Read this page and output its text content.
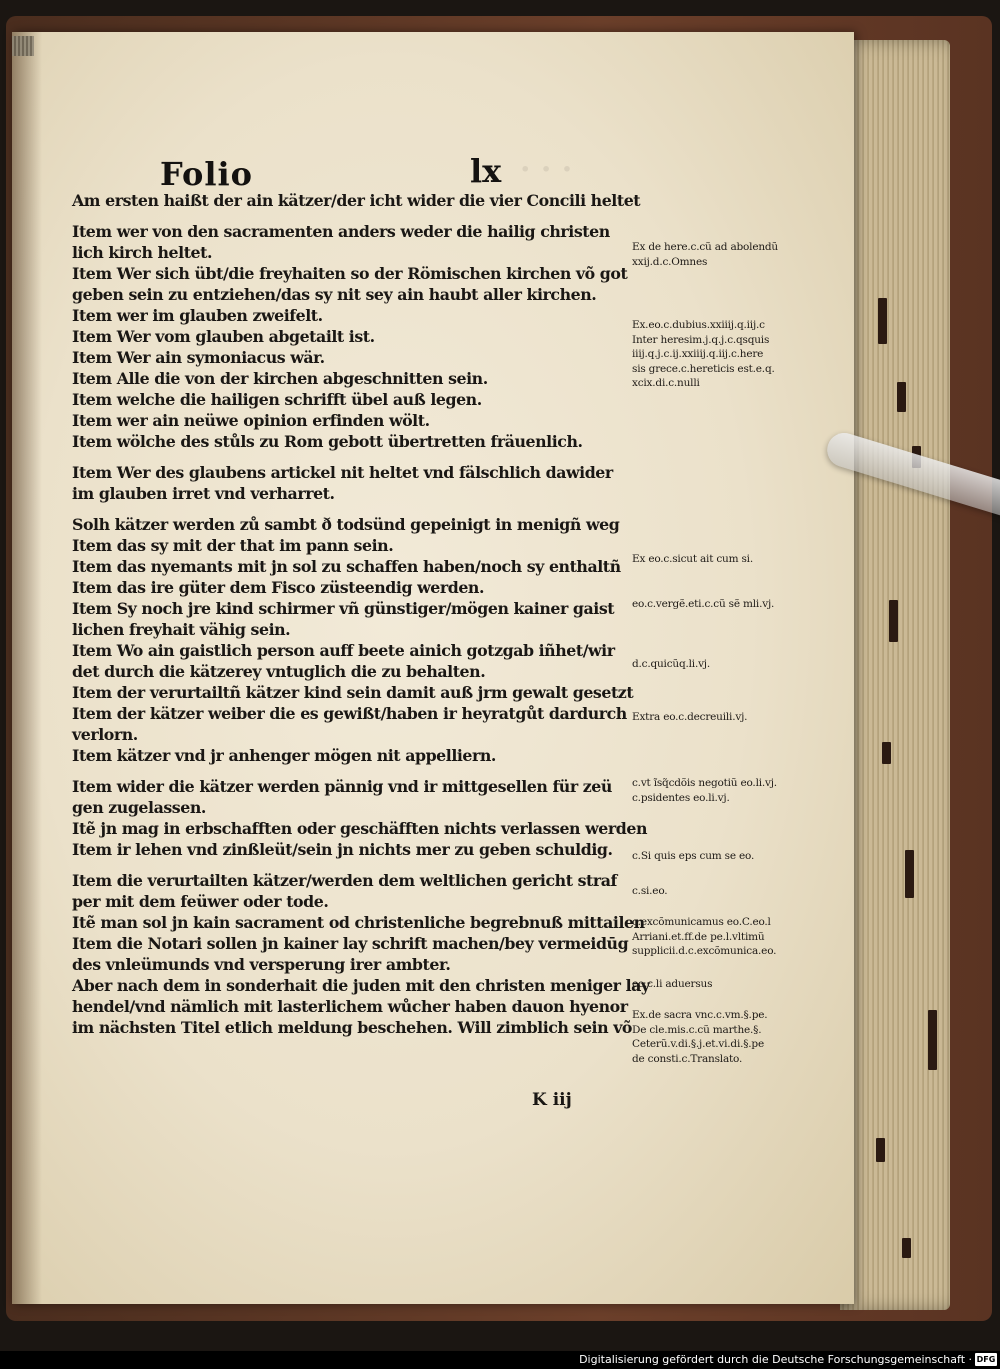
· · ·
Folio	lx
Am ersten haißt der ain kätzer/der icht wider die vier Concili heltet
Item wer von den sacramenten anders weder die hailig christen
lich kirch heltet.
Item Wer sich übt/die freyhaiten so der Römischen kirchen võ got
geben sein zu entziehen/das sy nit sey ain haubt aller kirchen.
Item wer im glauben zweifelt.
Item Wer vom glauben abgetailt ist.
Item Wer ain symoniacus wär.
Item Alle die von der kirchen abgeschnitten sein.
Item welche die hailigen schrifft übel auß legen.
Item wer ain neüwe opinion erfinden wölt.
Item wölche des stůls zu Rom gebott übertretten fräuenlich.
Item Wer des glaubens artickel nit heltet vnd fälschlich dawider
im glauben irret vnd verharret.
Solh kätzer werden zů sambt ð todsünd gepeinigt in menigñ weg
Item das sy mit der that im pann sein.
Item das nyemants mit jn sol zu schaffen haben/noch sy enthaltñ
Item das ire güter dem Fisco züsteendig werden.
Item Sy noch jre kind schirmer vñ günstiger/mögen kainer gaist
lichen freyhait vähig sein.
Item Wo ain gaistlich person auff beete ainich gotzgab iñhet/wir
det durch die kätzerey vntuglich die zu behalten.
Item der verurtailtñ kätzer kind sein damit auß jrm gewalt gesetzt
Item der kätzer weiber die es gewißt/haben ir heyratgůt dardurch
verlorn.
Item kätzer vnd jr anhenger mögen nit appelliern.
Item wider die kätzer werden pännig vnd ir mittgesellen für zeü
gen zugelassen.
Itẽ jn mag in erbschafften oder geschäfften nichts verlassen werden
Item ir lehen vnd zinßleüt/sein jn nichts mer zu geben schuldig.
Item die verurtailten kätzer/werden dem weltlichen gericht straf
per mit dem feüwer oder tode.
Itẽ man sol jn kain sacrament od christenliche begrebnuß mittailen
Item die Notari sollen jn kainer lay schrift machen/bey vermeidūg
des vnleümunds vnd versperung irer ambter.
Aber nach dem in sonderhait die juden mit den christen meniger lay
hendel/vnd nämlich mit lasterlichem wůcher haben dauon hyenor
im nächsten Titel etlich meldung beschehen. Will zimblich sein võ
K iij
Ex de here.c.cũ ad abolendũ
xxij.d.c.Omnes
Ex.eo.c.dubius.xxiiij.q.iij.c
Inter heresim.j.q.j.c.qsquis
iiij.q.j.c.ij.xxiiij.q.iij.c.here
sis grece.c.hereticis est.e.q.
xcix.di.c.nulli
Ex eo.c.sicut ait cum si.
eo.c.vergẽ.eti.c.cũ sẽ mli.vj.
d.c.quicũq.li.vj.
Extra eo.c.decreuili.vj.
c.vt ĩsq̃cdõis negotiũ eo.li.vj.
c.psidentes eo.li.vj.
c.Si quis eps cum se eo.
c.si.eo.
c.excõmunicamus eo.C.eo.l
Arriani.et.ff.de pe.l.vltimũ
supplicii.d.c.excõmunica.eo.
eo.c.li aduersus
Ex.de sacra vnc.c.vm.§.pe.
De cle.mis.c.cũ marthe.§.
Ceterũ.v.di.§.j.et.vi.di.§.pe
de consti.c.Translato.
Digitalisierung gefördert durch die Deutsche Forschungsgemeinschaft · DFG
